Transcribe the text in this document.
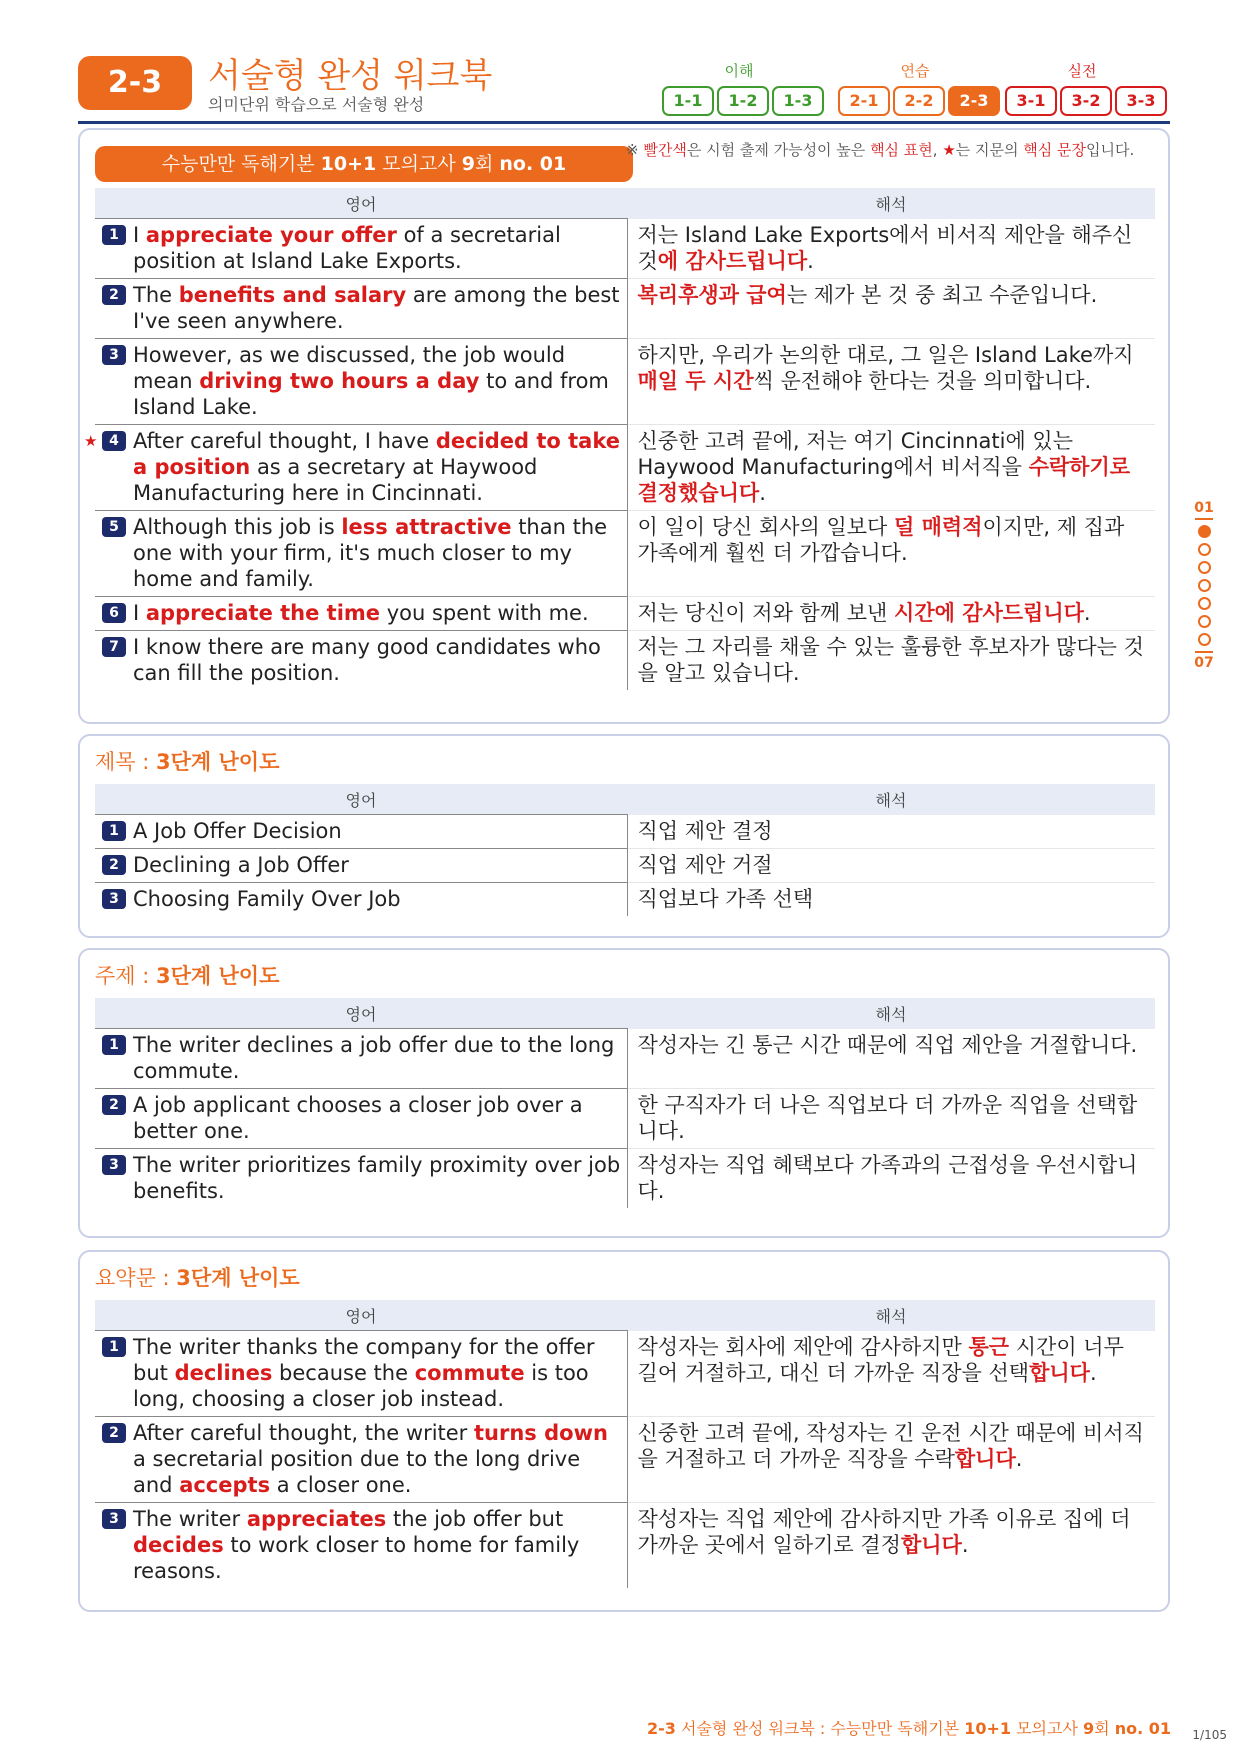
2-3	서술형 완성 워크북
의미단위 학습으로 서술형 완성
이해	연습	실전
1-1	1-2	1-3	2-1	2-2	2-3	3-1	3-2	3-3
수능만만 독해기본 10+1 모의고사 9회 no. 01
※ 빨간색은 시험 출제 가능성이 높은 핵심 표현, ★는 지문의 핵심 문장입니다.
영어	해석

1 I appreciate your offer of a secretarial position at Island Lake Exports.	저는 Island Lake Exports에서 비서직 제안을 해주신 것에 감사드립니다.

2 The benefits and salary are among the best I've seen anywhere.	복리후생과 급여는 제가 본 것 중 최고 수준입니다.

3 However, as we discussed, the job would mean driving two hours a day to and from Island Lake.	하지만, 우리가 논의한 대로, 그 일은 Island Lake까지 매일 두 시간씩 운전해야 한다는 것을 의미합니다.

★ 4 After careful thought, I have decided to take a position as a secretary at Haywood Manufacturing here in Cincinnati.	신중한 고려 끝에, 저는 여기 Cincinnati에 있는 Haywood Manufacturing에서 비서직을 수락하기로 결정했습니다.

5 Although this job is less attractive than the one with your firm, it's much closer to my home and family.	이 일이 당신 회사의 일보다 덜 매력적이지만, 제 집과 가족에게 훨씬 더 가깝습니다.

6 I appreciate the time you spent with me.	저는 당신이 저와 함께 보낸 시간에 감사드립니다.

7 I know there are many good candidates who can fill the position.	저는 그 자리를 채울 수 있는 훌륭한 후보자가 많다는 것을 알고 있습니다.
제목 : 3단계 난이도
영어	해석

1 A Job Offer Decision	직업 제안 결정

2 Declining a Job Offer	직업 제안 거절

3 Choosing Family Over Job	직업보다 가족 선택
주제 : 3단계 난이도
영어	해석

1 The writer declines a job offer due to the long commute.	작성자는 긴 통근 시간 때문에 직업 제안을 거절합니다.

2 A job applicant chooses a closer job over a better one.	한 구직자가 더 나은 직업보다 더 가까운 직업을 선택합니다.

3 The writer prioritizes family proximity over job benefits.	작성자는 직업 혜택보다 가족과의 근접성을 우선시합니다.
요약문 : 3단계 난이도
영어	해석

1 The writer thanks the company for the offer but declines because the commute is too long, choosing a closer job instead.	작성자는 회사에 제안에 감사하지만 통근 시간이 너무 길어 거절하고, 대신 더 가까운 직장을 선택합니다.

2 After careful thought, the writer turns down a secretarial position due to the long drive and accepts a closer one.	신중한 고려 끝에, 작성자는 긴 운전 시간 때문에 비서직을 거절하고 더 가까운 직장을 수락합니다.

3 The writer appreciates the job offer but decides to work closer to home for family reasons.	작성자는 직업 제안에 감사하지만 가족 이유로 집에 더 가까운 곳에서 일하기로 결정합니다.
01
07
2-3 서술형 완성 워크북 : 수능만만 독해기본 10+1 모의고사 9회 no. 01 1/105
